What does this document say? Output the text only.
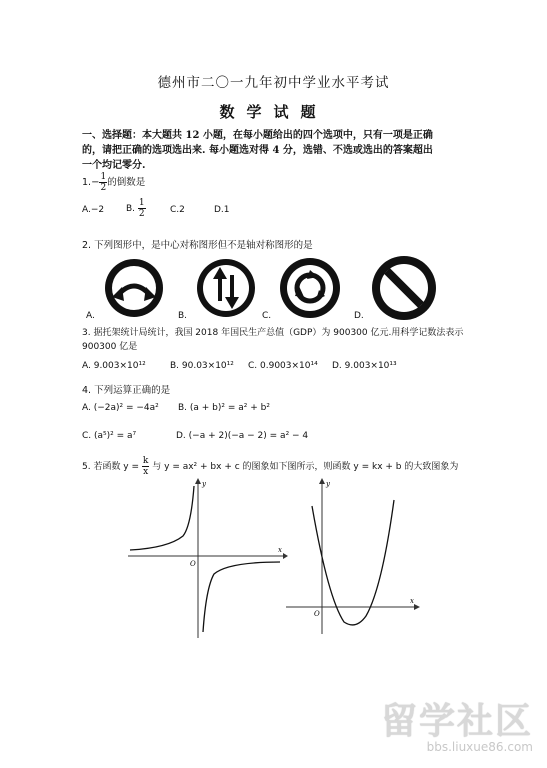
德州市二〇一九年初中学业水平考试
数学试题
一、选择题：本大题共 12 小题，在每小题给出的四个选项中，只有一项是正确
的，请把正确的选项选出来. 每小题选对得 4 分，选错、不选或选出的答案超出
一个均记零分.
$1.- \frac{1}{2}$ 的倒数是
A.−2 B. $\frac{1}{2}$	C.2	D.1
2. 下列图形中，是中心对称图形但不是轴对称图形的是
A.	B.	C.	D.
3. 据托架统计局统计，我国 2018 年国民生产总值（GDP）为 900300 亿元.用科学记数法表示
900300 亿是
A. 9.003×10¹²	B. 90.03×10¹² C. 0.9003×10¹⁴ D. 9.003×10¹³
4. 下列运算正确的是
A. (−2a)² = −4a² B. (a + b)² = a² + b²
C. (a⁵)² = a⁷	D. (−a + 2)(−a − 2) = a² − 4
5. 若函数 $y = \frac{k}{x}$ 与 y = ax² + bx + c 的图象如下图所示，则函数 y = kx + b 的大致图象为
x
y
O
x
y
O
留学社区
bbs.liuxue86.com
